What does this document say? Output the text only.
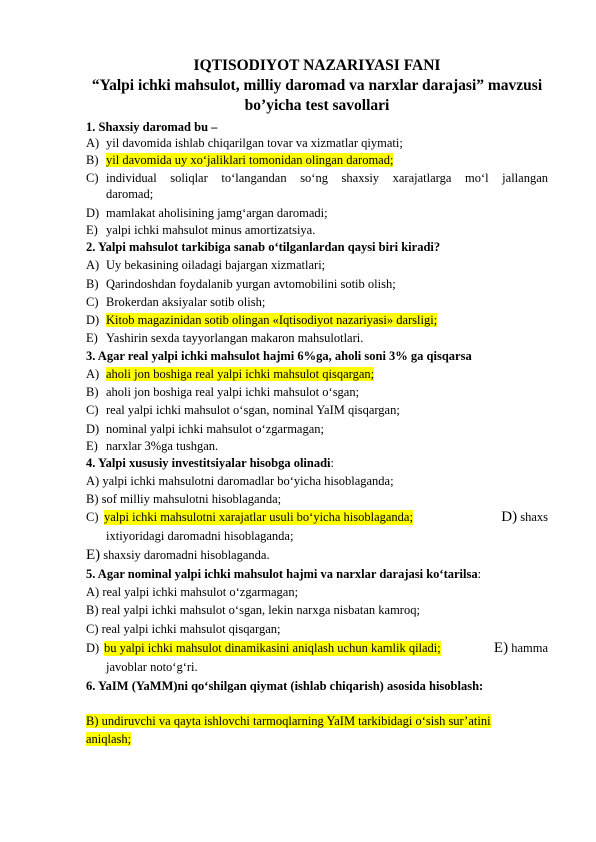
IQTISODIYOT NAZARIYASI FANI
“Yalpi ichki mahsulot, milliy daromad va narxlar darajasi” mavzusi
bo’yicha test savollari
1. Shaxsiy daromad bu –
A) yil davomida ishlab chiqarilgan tovar va xizmatlar qiymati;
B) yil davomida uy xo‘jaliklari tomonidan olingan daromad;
C) individual soliqlar to‘langandan so‘ng shaxsiy xarajatlarga mo‘l jallangan
daromad;
D) mamlakat aholisining jamg‘argan daromadi;
E) yalpi ichki mahsulot minus amortizatsiya.
2. Yalpi mahsulot tarkibiga sanab o‘tilganlardan qaysi biri kiradi?
A) Uy bekasining oiladagi bajargan xizmatlari;
B) Qarindoshdan foydalanib yurgan avtomobilini sotib olish;
C) Brokerdan aksiyalar sotib olish;
D) Kitob magazinidan sotib olingan «Iqtisodiyot nazariyasi» darsligi;
E) Yashirin sexda tayyorlangan makaron mahsulotlari.
3. Agar real yalpi ichki mahsulot hajmi 6%ga, aholi soni 3% ga qisqarsa
A) aholi jon boshiga real yalpi ichki mahsulot qisqargan;
B) aholi jon boshiga real yalpi ichki mahsulot o‘sgan;
C) real yalpi ichki mahsulot o‘sgan, nominal YaIM qisqargan;
D) nominal yalpi ichki mahsulot o‘zgarmagan;
E) narxlar 3%ga tushgan.
4. Yalpi xususiy investitsiyalar hisobga olinadi:
A) yalpi ichki mahsulotni daromadlar bo‘yicha hisoblaganda;
B) sof milliy mahsulotni hisoblaganda;
C) yalpi ichki mahsulotni xarajatlar usuli bo‘yicha hisoblaganda;	D) shaxs
ixtiyoridagi daromadni hisoblaganda;
E) shaxsiy daromadni hisoblaganda.
5. Agar nominal yalpi ichki mahsulot hajmi va narxlar darajasi ko‘tarilsa:
A) real yalpi ichki mahsulot o‘zgarmagan;
B) real yalpi ichki mahsulot o‘sgan, lekin narxga nisbatan kamroq;
C) real yalpi ichki mahsulot qisqargan;
D) bu yalpi ichki mahsulot dinamikasini aniqlash uchun kamlik qiladi;	E) hamma
javoblar noto‘g‘ri.
6. YaIM (YaMM)ni qo‘shilgan qiymat (ishlab chiqarish) asosida hisoblash:
B) undiruvchi va qayta ishlovchi tarmoqlarning YaIM tarkibidagi o‘sish sur’atini
aniqlash;
